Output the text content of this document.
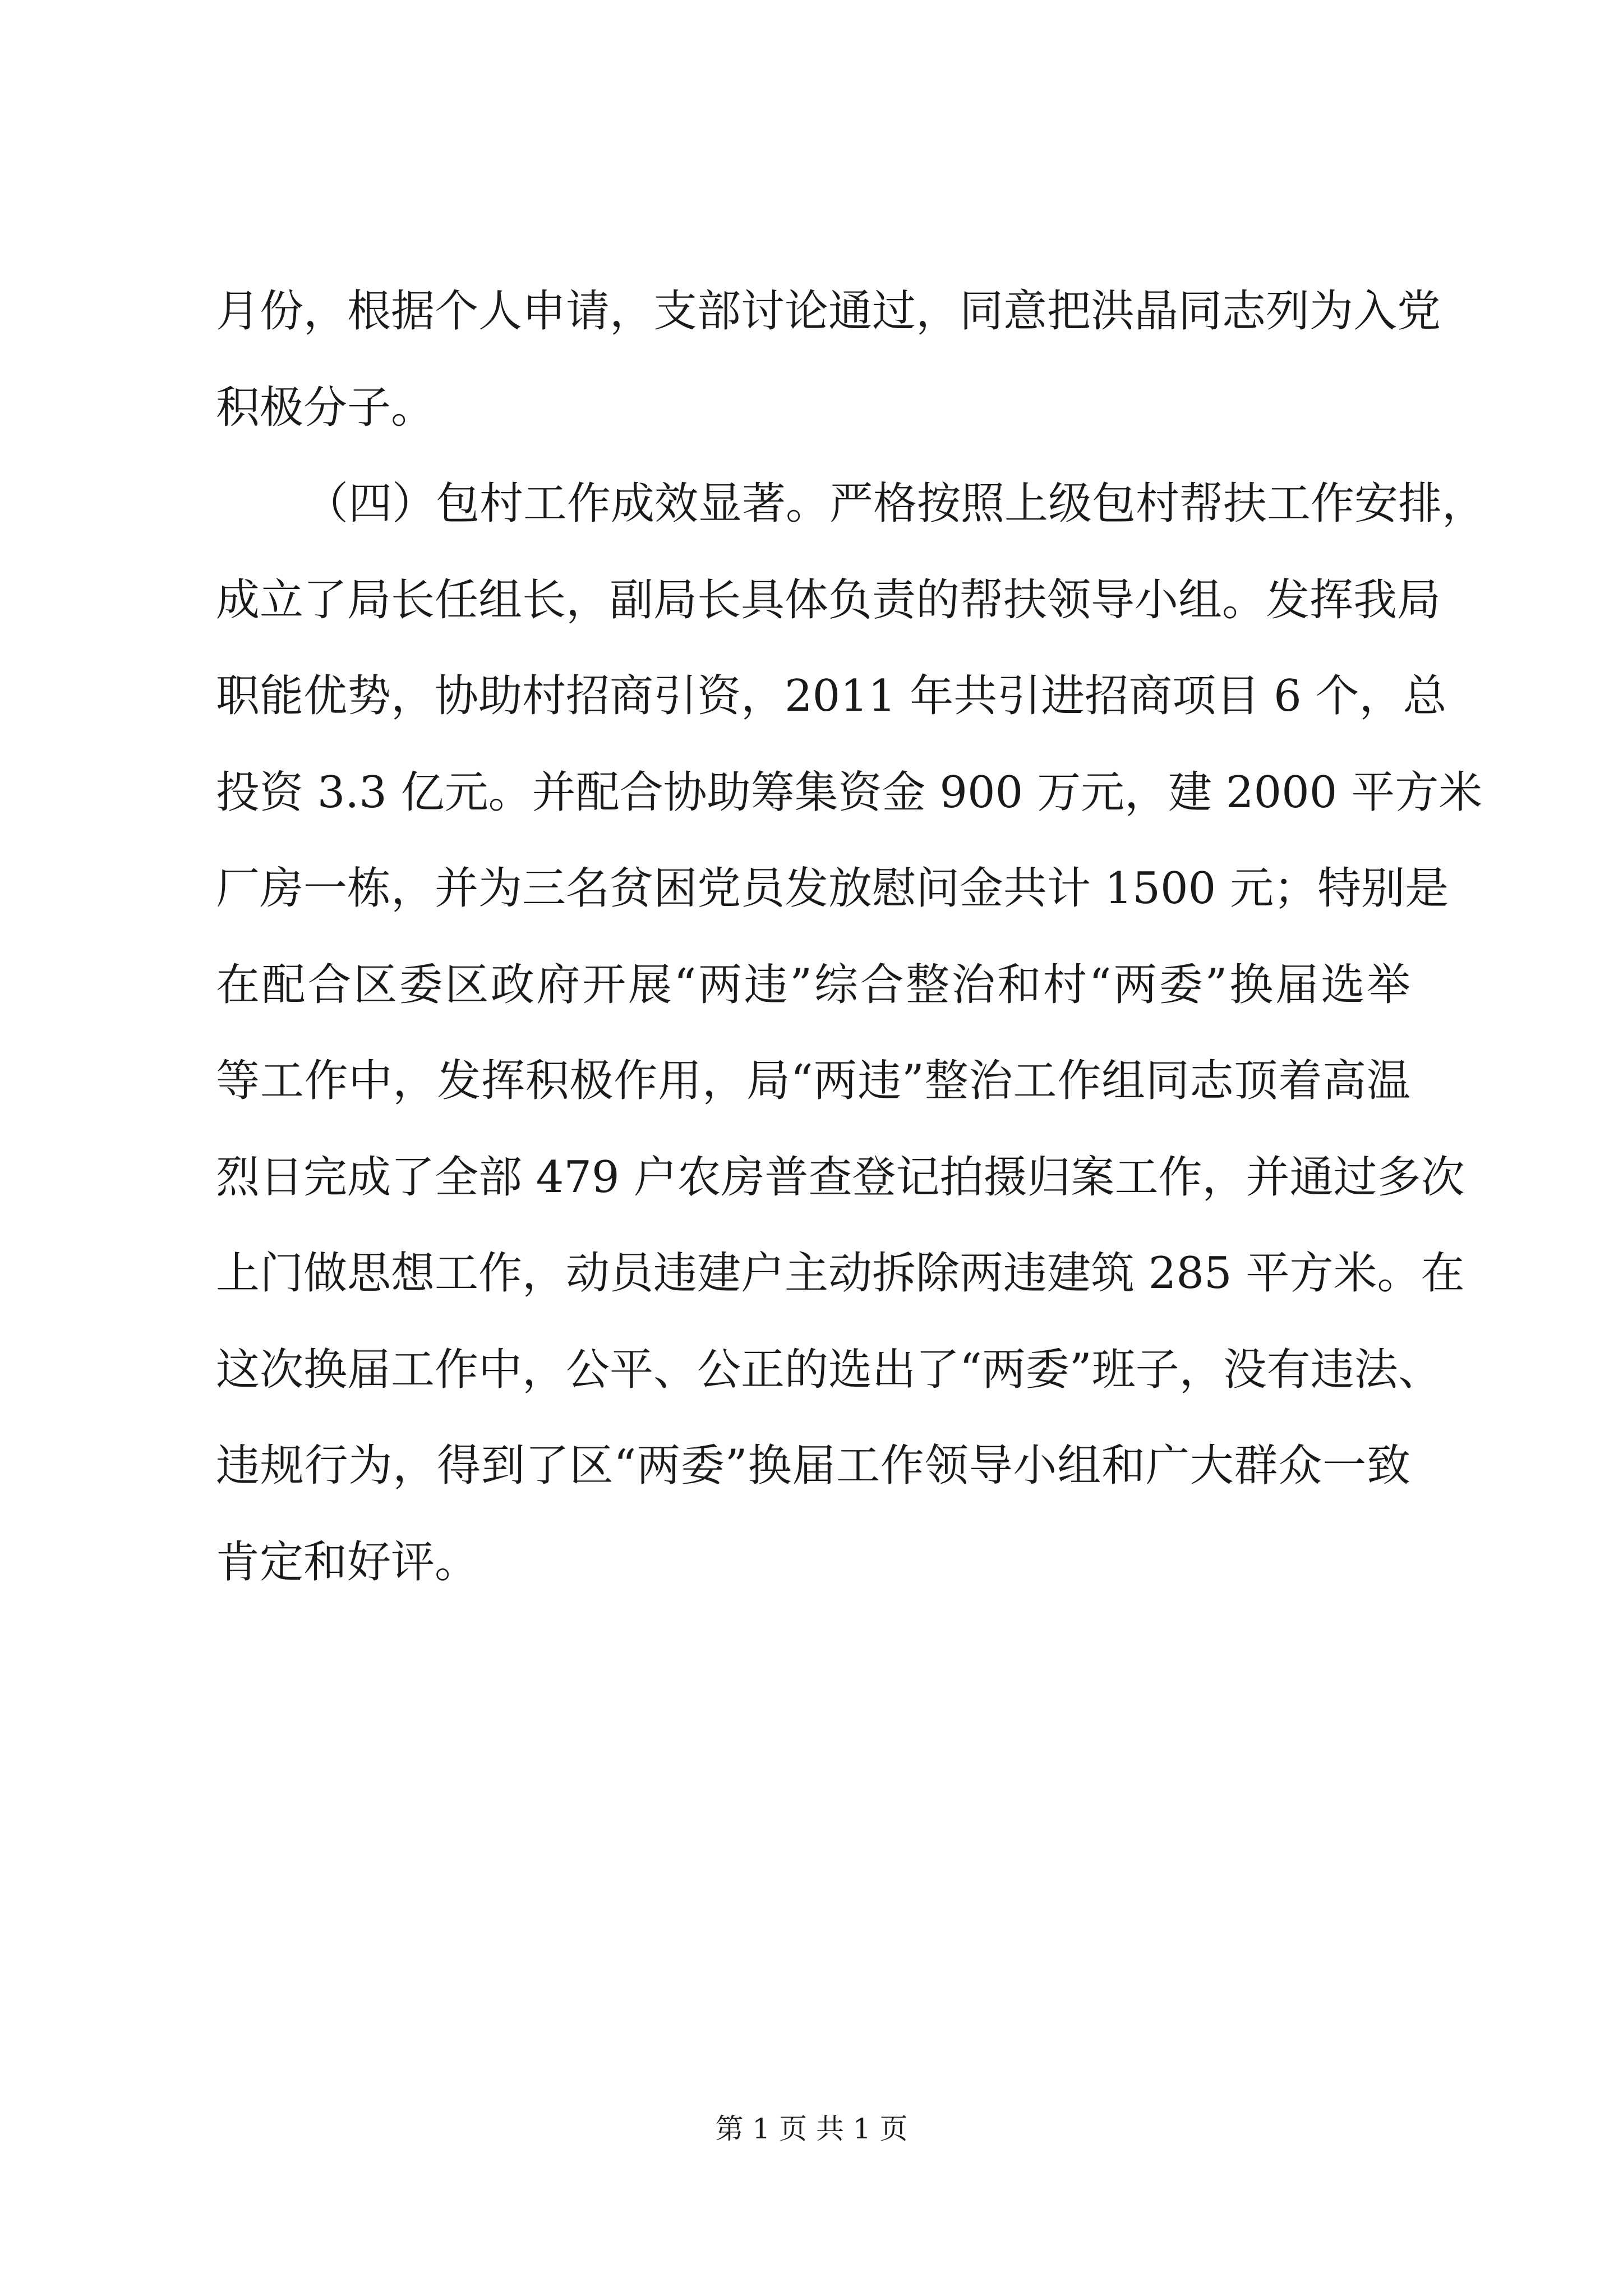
月份，根据个人申请，支部讨论通过，同意把洪晶同志列为入党
积极分子。
（四）包村工作成效显著。严格按照上级包村帮扶工作安排，
成立了局长任组长，副局长具体负责的帮扶领导小组。发挥我局
职能优势，协助村招商引资，2011 年共引进招商项目 6 个，总
投资 3.3 亿元。并配合协助筹集资金 900 万元，建 2000 平方米
厂房一栋，并为三名贫困党员发放慰问金共计 1500 元；特别是
在配合区委区政府开展“两违”综合整治和村“两委”换届选举
等工作中，发挥积极作用，局“两违”整治工作组同志顶着高温
烈日完成了全部 479 户农房普查登记拍摄归案工作，并通过多次
上门做思想工作，动员违建户主动拆除两违建筑 285 平方米。在
这次换届工作中，公平、公正的选出了“两委”班子，没有违法、
违规行为，得到了区“两委”换届工作领导小组和广大群众一致
肯定和好评。
第 1 页 共 1 页
